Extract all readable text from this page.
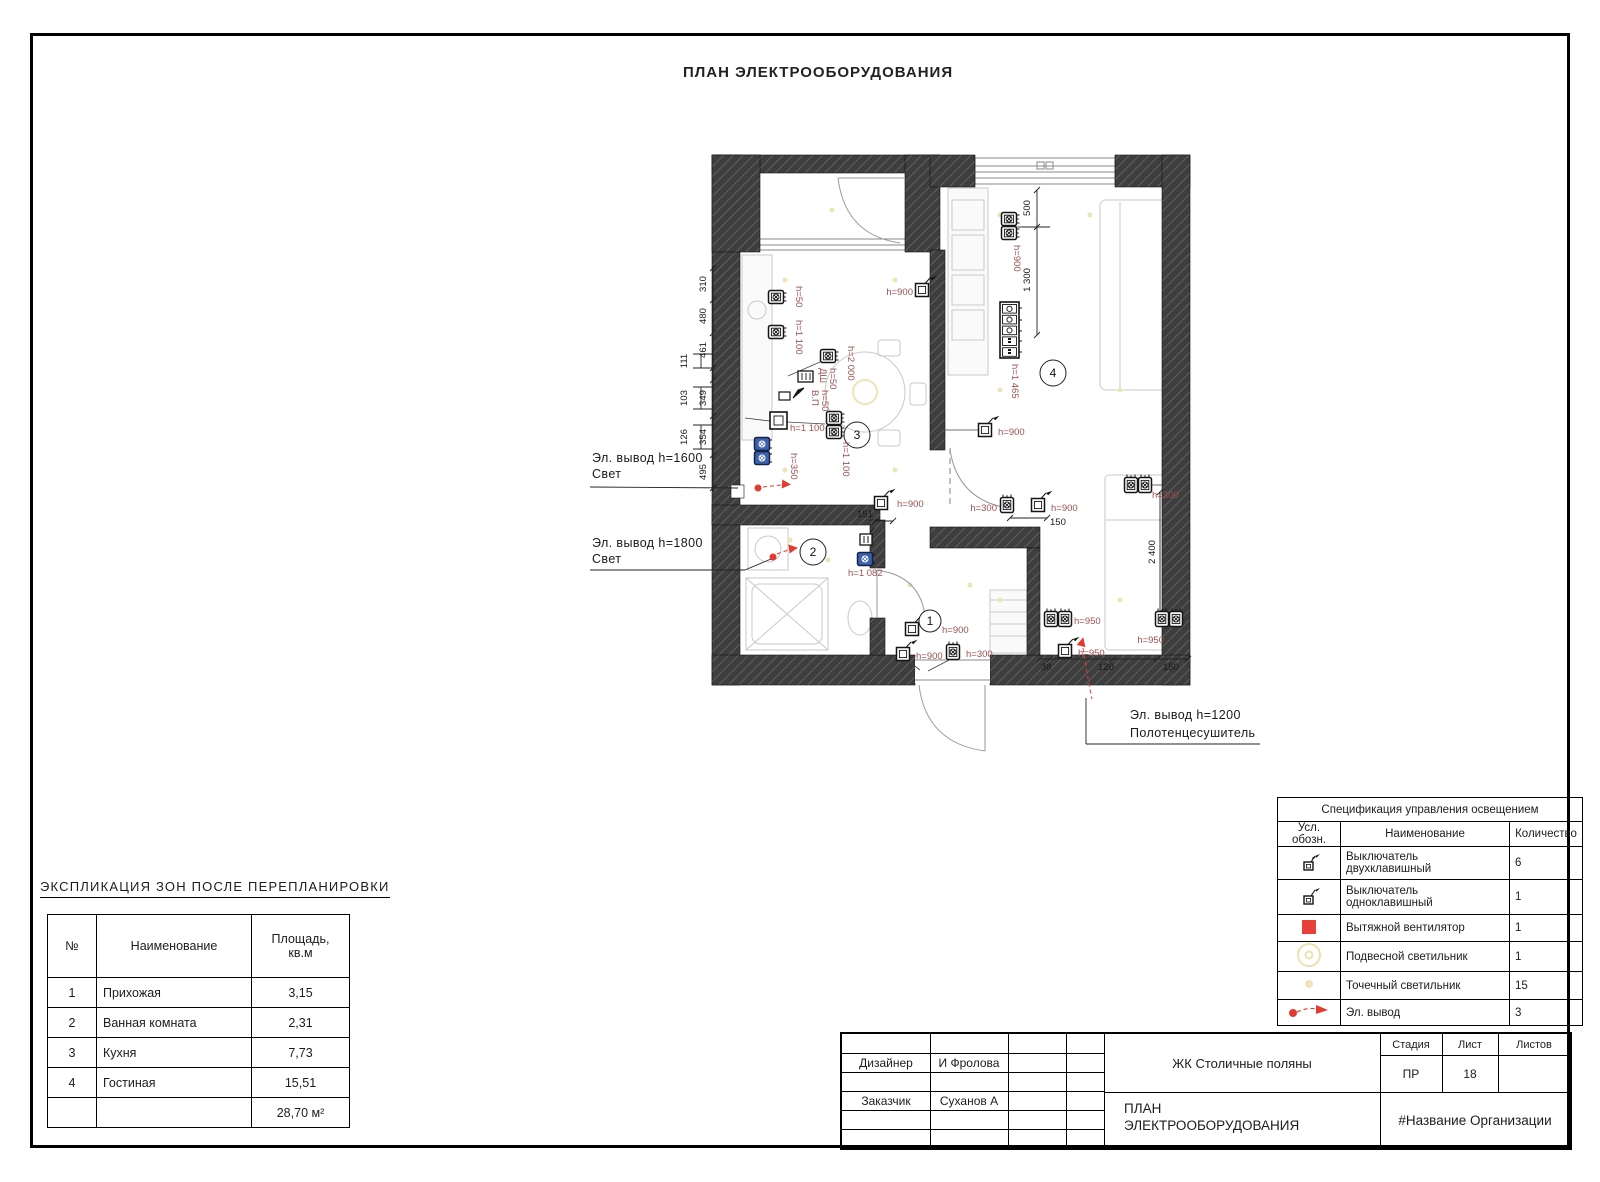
ПЛАН ЭЛЕКТРООБОРУДОВАНИЯ
310
480
461
111
349
103
354
126
495
500
1 300
2 400
150
151
38	120	150
1
2
3
4
h=50
h=1 100
h=2 000
h=50
ДШ
h=50
В.П
h=1 100
h=1 100
h=350
h=900
h=900
h=1 465
h=900
h=300	h=900
h=300
h=950
h=950
h=950
h=900
h=900 h=300
h=900
h=1 082
Эл. вывод h=1600
Свет
Эл. вывод h=1800
Свет
Эл. вывод h=1200
Полотенцесушитель
ЭКСПЛИКАЦИЯ ЗОН ПОСЛЕ ПЕРЕПЛАНИРОВКИ
№	Наименование	Площадь,
кв.м
1	Прихожая	3,15
2	Ванная комната	2,31
3	Кухня	7,73
4	Гостиная	15,51
		28,70 м²
Спецификация управления освещением		
Усл. обозн.	Наименование	Количество
	Выключатель двухклавишный	6
	Выключатель одноклавишный	1
	Вытяжной вентилятор	1
	Подвесной светильник	1
	Точечный светильник	15
	Эл. вывод	3
Дизайнер	И Фролова
Заказчик	Суханов А
ЖК Столичные поляны
ПЛАН
ЭЛЕКТРООБОРУДОВАНИЯ
Стадия	Лист	Листов
ПР	18
#Название Организации
